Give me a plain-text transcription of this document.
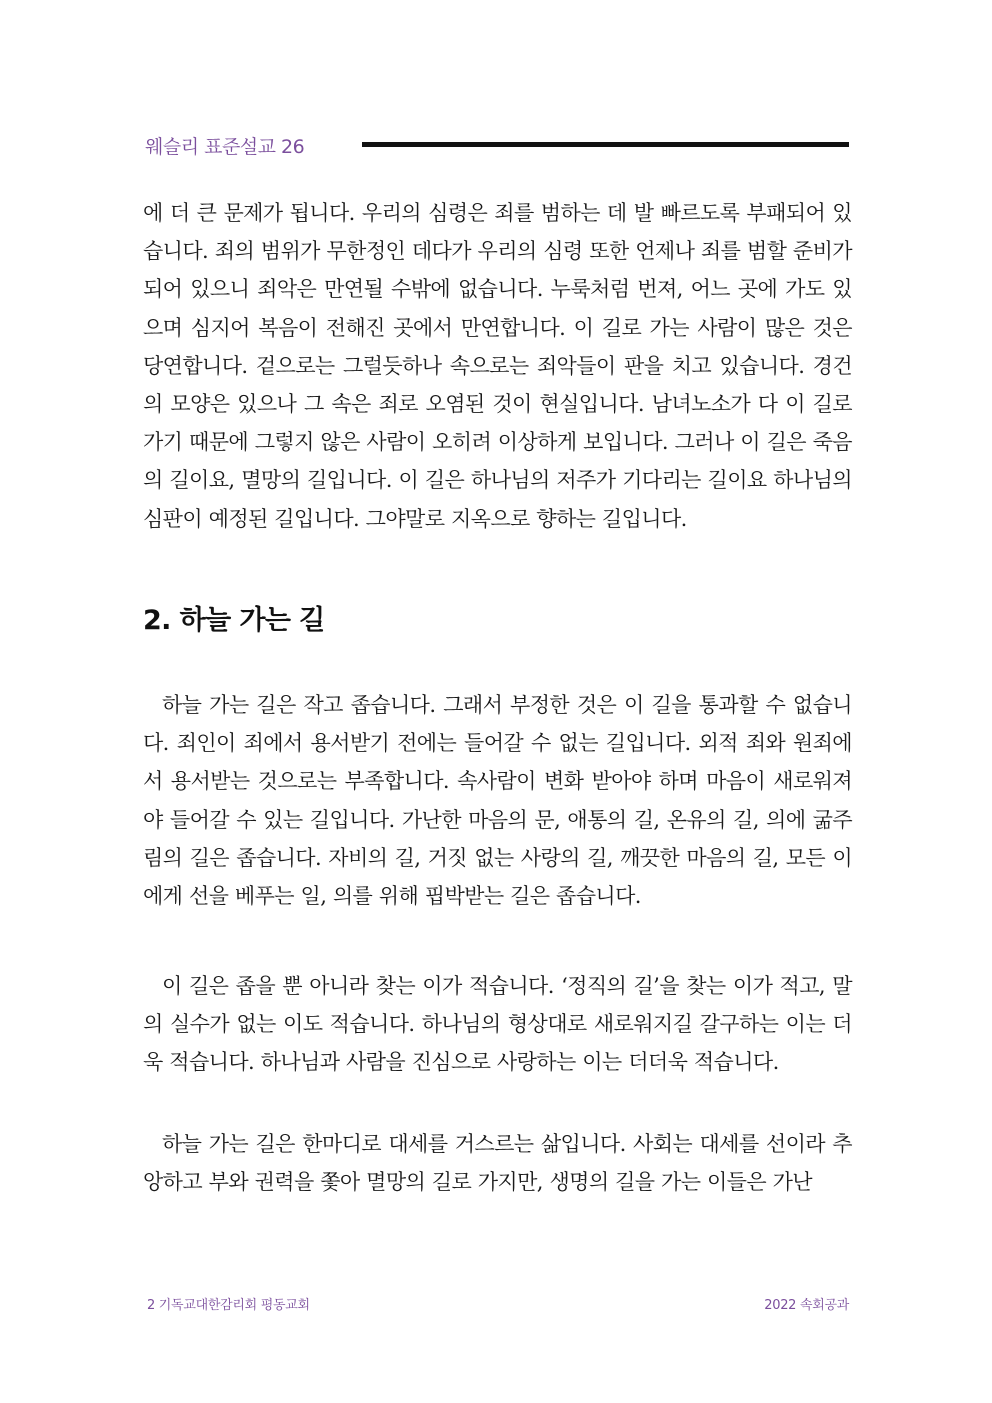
웨슬리 표준설교 26
에 더 큰 문제가 됩니다. 우리의 심령은 죄를 범하는 데 발 빠르도록 부패되어 있습니다. 죄의 범위가 무한정인 데다가 우리의 심령 또한 언제나 죄를 범할 준비가 되어 있으니 죄악은 만연될 수밖에 없습니다. 누룩처럼 번져, 어느 곳에 가도 있으며 심지어 복음이 전해진 곳에서 만연합니다. 이 길로 가는 사람이 많은 것은 당연합니다. 겉으로는 그럴듯하나 속으로는 죄악들이 판을 치고 있습니다. 경건의 모양은 있으나 그 속은 죄로 오염된 것이 현실입니다. 남녀노소가 다 이 길로 가기 때문에 그렇지 않은 사람이 오히려 이상하게 보입니다. 그러나 이 길은 죽음의 길이요, 멸망의 길입니다. 이 길은 하나님의 저주가 기다리는 길이요 하나님의 심판이 예정된 길입니다. 그야말로 지옥으로 향하는 길입니다.
2. 하늘 가는 길
하늘 가는 길은 작고 좁습니다. 그래서 부정한 것은 이 길을 통과할 수 없습니다. 죄인이 죄에서 용서받기 전에는 들어갈 수 없는 길입니다. 외적 죄와 원죄에서 용서받는 것으로는 부족합니다. 속사람이 변화 받아야 하며 마음이 새로워져야 들어갈 수 있는 길입니다. 가난한 마음의 문, 애통의 길, 온유의 길, 의에 굶주림의 길은 좁습니다. 자비의 길, 거짓 없는 사랑의 길, 깨끗한 마음의 길, 모든 이에게 선을 베푸는 일, 의를 위해 핍박받는 길은 좁습니다.
이 길은 좁을 뿐 아니라 찾는 이가 적습니다. ‘정직의 길’을 찾는 이가 적고, 말의 실수가 없는 이도 적습니다. 하나님의 형상대로 새로워지길 갈구하는 이는 더욱 적습니다. 하나님과 사람을 진심으로 사랑하는 이는 더더욱 적습니다.
하늘 가는 길은 한마디로 대세를 거스르는 삶입니다. 사회는 대세를 선이라 추앙하고 부와 권력을 쫓아 멸망의 길로 가지만, 생명의 길을 가는 이들은 가난
2 기독교대한감리회 평동교회	2022 속회공과
